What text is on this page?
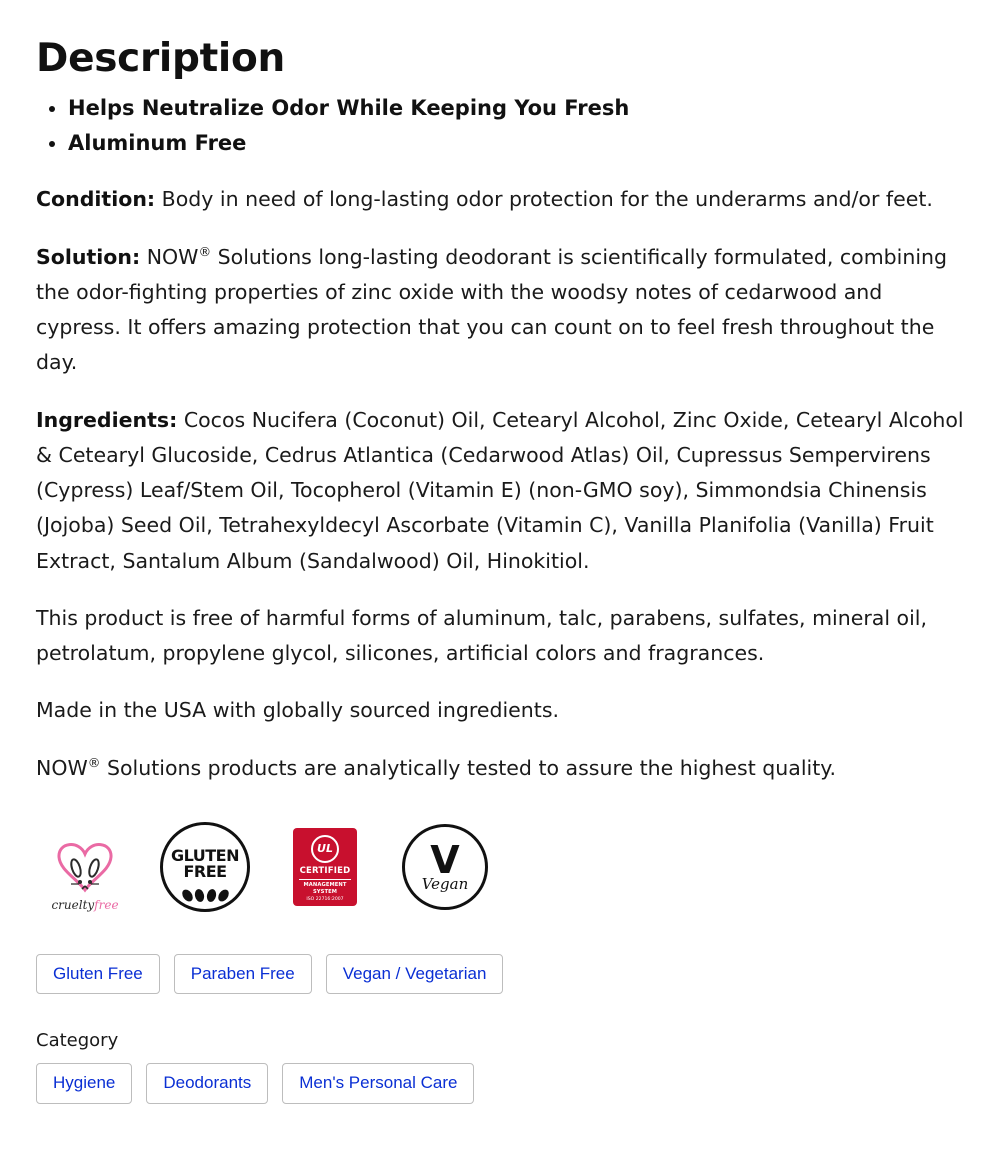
Description
• Helps Neutralize Odor While Keeping You Fresh
• Aluminum Free

Condition: Body in need of long-lasting odor protection for the underarms and/or feet.

Solution: NOW® Solutions long-lasting deodorant is scientifically formulated, combining the odor-fighting properties of zinc oxide with the woodsy notes of cedarwood and cypress. It offers amazing protection that you can count on to feel fresh throughout the day.

Ingredients: Cocos Nucifera (Coconut) Oil, Cetearyl Alcohol, Zinc Oxide, Cetearyl Alcohol & Cetearyl Glucoside, Cedrus Atlantica (Cedarwood Atlas) Oil, Cupressus Sempervirens (Cypress) Leaf/Stem Oil, Tocopherol (Vitamin E) (non-GMO soy), Simmondsia Chinensis (Jojoba) Seed Oil, Tetrahexyldecyl Ascorbate (Vitamin C), Vanilla Planifolia (Vanilla) Fruit Extract, Santalum Album (Sandalwood) Oil, Hinokitiol.

This product is free of harmful forms of aluminum, talc, parabens, sulfates, mineral oil, petrolatum, propylene glycol, silicones, artificial colors and fragrances.

Made in the USA with globally sourced ingredients.

NOW® Solutions products are analytically tested to assure the highest quality.

crueltyfree
GLUTEN
FREE
UL
CERTIFIED
MANAGEMENT SYSTEM
ISO 22716:2007
V
Vegan
Gluten Free	Paraben Free	Vegan / Vegetarian
Category
Hygiene	Deodorants	Men's Personal Care
